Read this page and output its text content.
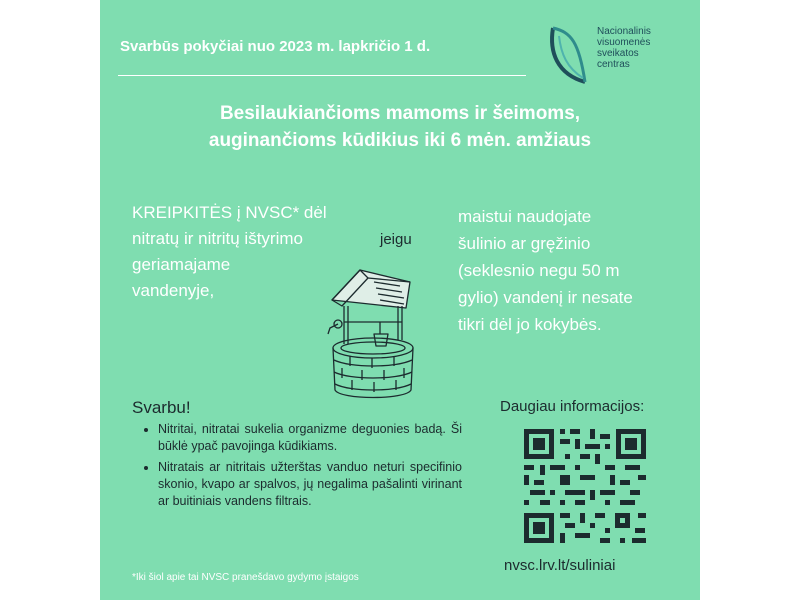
Svarbūs pokyčiai nuo 2023 m. lapkričio 1 d.
Nacionalinis
visuomenės
sveikatos
centras
Besilaukiančioms mamoms ir šeimoms,
auginančioms kūdikius iki 6 mėn. amžiaus
KREIPKITĖS į NVSC* dėl
nitratų ir nitritų ištyrimo
geriamajame
vandenyje,
jeigu
maistui naudojate
šulinio ar gręžinio
(seklesnio negu 50 m
gylio) vandenį ir nesate
tikri dėl jo kokybės.
Svarbu!
• Nitritai, nitratai sukelia organizme deguonies badą. Ši būklė ypač pavojinga kūdikiams.
• Nitratais ar nitritais užterštas vanduo neturi specifinio skonio, kvapo ar spalvos, jų negalima pašalinti virinant ar buitiniais vandens filtrais.
Daugiau informacijos:
nvsc.lrv.lt/suliniai
*Iki šiol apie tai NVSC pranešdavo gydymo įstaigos
